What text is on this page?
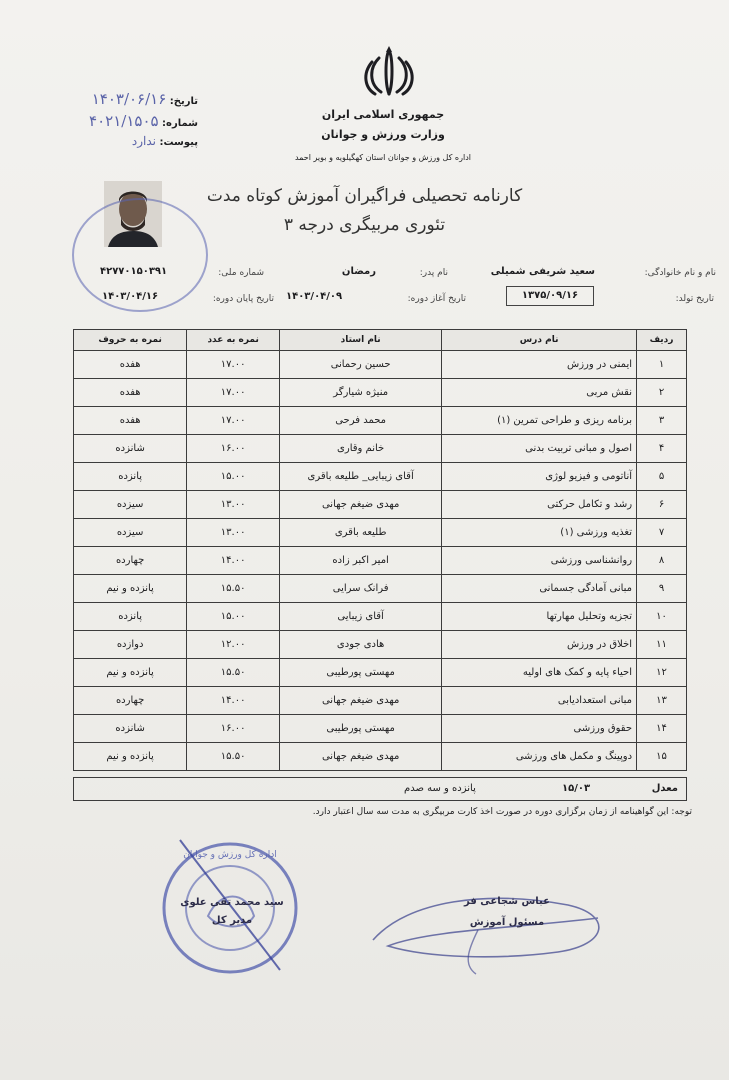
جمهوری اسلامی ایران
وزارت ورزش و جوانان
اداره کل ورزش و جوانان استان کهگیلویه و بویر احمد
تاریخ: ۱۴۰۳/۰۶/۱۶
شماره: ۴۰۲۱/۱۵۰۵
پیوست: ندارد
کارنامه تحصیلی فراگیران آموزش کوتاه مدت
تئوری مربیگری درجه ۳
نام و نام خانوادگی:
سعید شریفی شمیلی
نام پدر:
رمضان
شماره ملی:
۴۲۷۷۰۱۵۰۳۹۱
تاریخ تولد:
۱۳۷۵/۰۹/۱۶
تاریخ آغاز دوره:
۱۴۰۳/۰۴/۰۹
تاریخ پایان دوره:
۱۴۰۳/۰۴/۱۶
ردیف	نام درس	نام استاد	نمره به عدد	نمره به حروف
۱	ایمنی در ورزش	حسین رحمانی	۱۷.۰۰	هفده
۲	نقش مربی	منیژه شیارگر	۱۷.۰۰	هفده
۳	برنامه ریزی و طراحی تمرین (۱)	محمد فرحی	۱۷.۰۰	هفده
۴	اصول و مبانی تربیت بدنی	خانم وقاری	۱۶.۰۰	شانزده
۵	آناتومی و فیزیو لوژی	آقای زیبایی_ طلیعه باقری	۱۵.۰۰	پانزده
۶	رشد و تکامل حرکتی	مهدی ضیغم جهانی	۱۳.۰۰	سیزده
۷	تغذیه ورزشی (۱)	طلیعه باقری	۱۳.۰۰	سیزده
۸	روانشناسی ورزشی	امیر اکبر زاده	۱۴.۰۰	چهارده
۹	مبانی آمادگی جسمانی	فرانک سرایی	۱۵.۵۰	پانزده و نیم
۱۰	تجزیه وتحلیل مهارتها	آقای زیبایی	۱۵.۰۰	پانزده
۱۱	اخلاق در ورزش	هادی جودی	۱۲.۰۰	دوازده
۱۲	احیاء پایه و کمک های اولیه	مهستی پورطیبی	۱۵.۵۰	پانزده و نیم
۱۳	مبانی استعدادیابی	مهدی ضیغم جهانی	۱۴.۰۰	چهارده
۱۴	حقوق ورزشی	مهستی پورطیبی	۱۶.۰۰	شانزده
۱۵	دوپینگ و مکمل های ورزشی	مهدی ضیغم جهانی	۱۵.۵۰	پانزده و نیم
معدل
۱۵/۰۳
پانزده و سه صدم
توجه: این گواهینامه از زمان برگزاری دوره در صورت اخذ کارت مربیگری به مدت سه سال اعتبار دارد.
سید محمد تقی علوی
مدیر کل
اداره کل ورزش و جوانان
عباس شجاعی فر
مسئول آموزش
